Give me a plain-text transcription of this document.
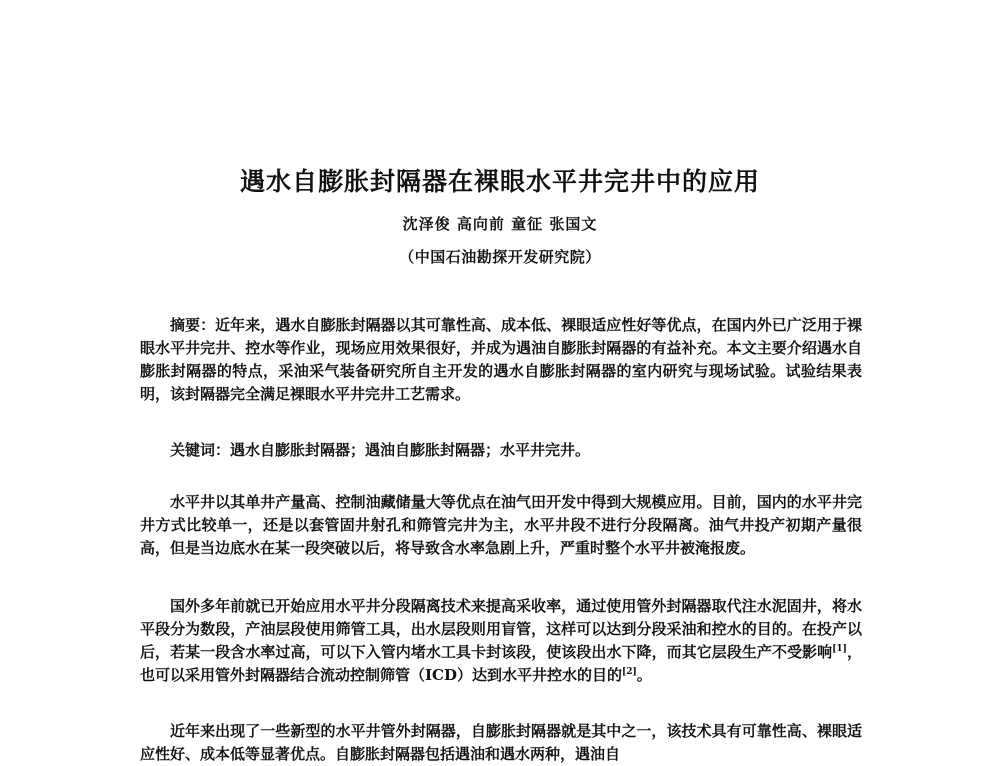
遇水自膨胀封隔器在裸眼水平井完井中的应用
沈泽俊 高向前 童征 张国文
（中国石油勘探开发研究院）

摘要：近年来，遇水自膨胀封隔器以其可靠性高、成本低、裸眼适应性好等优点，在国内外已广泛用于裸眼水平井完井、控水等作业，现场应用效果很好，并成为遇油自膨胀封隔器的有益补充。本文主要介绍遇水自膨胀封隔器的特点，采油采气装备研究所自主开发的遇水自膨胀封隔器的室内研究与现场试验。试验结果表明，该封隔器完全满足裸眼水平井完井工艺需求。

关键词：遇水自膨胀封隔器；遇油自膨胀封隔器；水平井完井。

水平井以其单井产量高、控制油藏储量大等优点在油气田开发中得到大规模应用。目前，国内的水平井完井方式比较单一，还是以套管固井射孔和筛管完井为主，水平井段不进行分段隔离。油气井投产初期产量很高，但是当边底水在某一段突破以后，将导致含水率急剧上升，严重时整个水平井被淹报废。

国外多年前就已开始应用水平井分段隔离技术来提高采收率，通过使用管外封隔器取代注水泥固井，将水平段分为数段，产油层段使用筛管工具，出水层段则用盲管，这样可以达到分段采油和控水的目的。在投产以后，若某一段含水率过高，可以下入管内堵水工具卡封该段，使该段出水下降，而其它层段生产不受影响[1]，也可以采用管外封隔器结合流动控制筛管（ICD）达到水平井控水的目的[2]。

近年来出现了一些新型的水平井管外封隔器，自膨胀封隔器就是其中之一，该技术具有可靠性高、裸眼适应性好、成本低等显著优点。自膨胀封隔器包括遇油和遇水两种，遇油自
